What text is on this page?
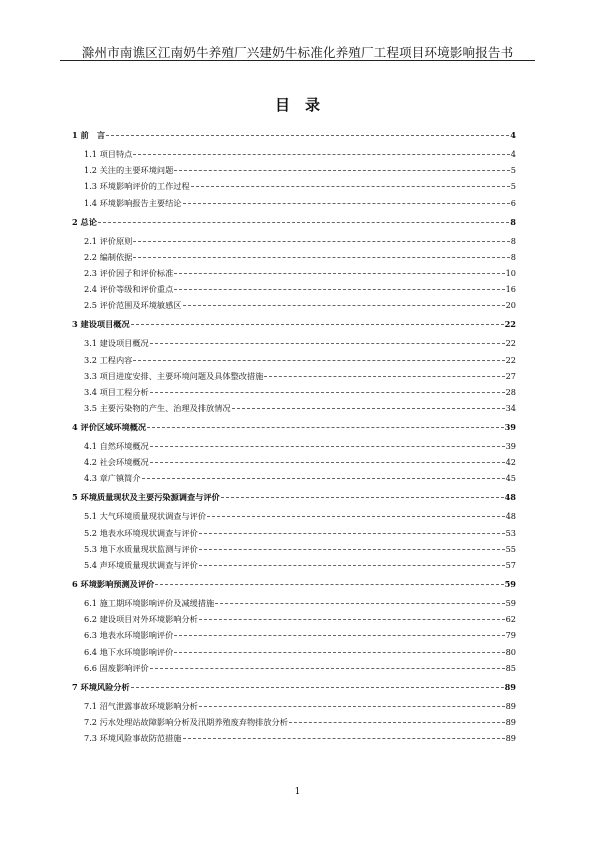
滁州市南谯区江南奶牛养殖厂兴建奶牛标准化养殖厂工程项目环境影响报告书
目　录
1 前　言	4
1.1 项目特点	4
1.2 关注的主要环境问题	5
1.3 环境影响评价的工作过程	5
1.4 环境影响报告主要结论	6
2 总论	8
2.1 评价原则	8
2.2 编制依据	8
2.3 评价因子和评价标准	10
2.4 评价等级和评价重点	16
2.5 评价范围及环境敏感区	20
3 建设项目概况	22
3.1 建设项目概况	22
3.2 工程内容	22
3.3 项目进度安排、主要环境问题及具体整改措施	27
3.4 项目工程分析	28
3.5 主要污染物的产生、治理及排放情况	34
4 评价区域环境概况	39
4.1 自然环境概况	39
4.2 社会环境概况	42
4.3 章广镇简介	45
5 环境质量现状及主要污染源调查与评价	48
5.1 大气环境质量现状调查与评价	48
5.2 地表水环境现状调查与评价	53
5.3 地下水质量现状监测与评价	55
5.4 声环境质量现状调查与评价	57
6 环境影响预测及评价	59
6.1 施工期环境影响评价及减缓措施	59
6.2 建设项目对外环境影响分析	62
6.3 地表水环境影响评价	79
6.4 地下水环境影响评价	80
6.6 固废影响评价	85
7 环境风险分析	89
7.1 沼气泄露事故环境影响分析	89
7.2 污水处理站故障影响分析及汛期养殖废弃物排放分析	89
7.3 环境风险事故防范措施	89
1
